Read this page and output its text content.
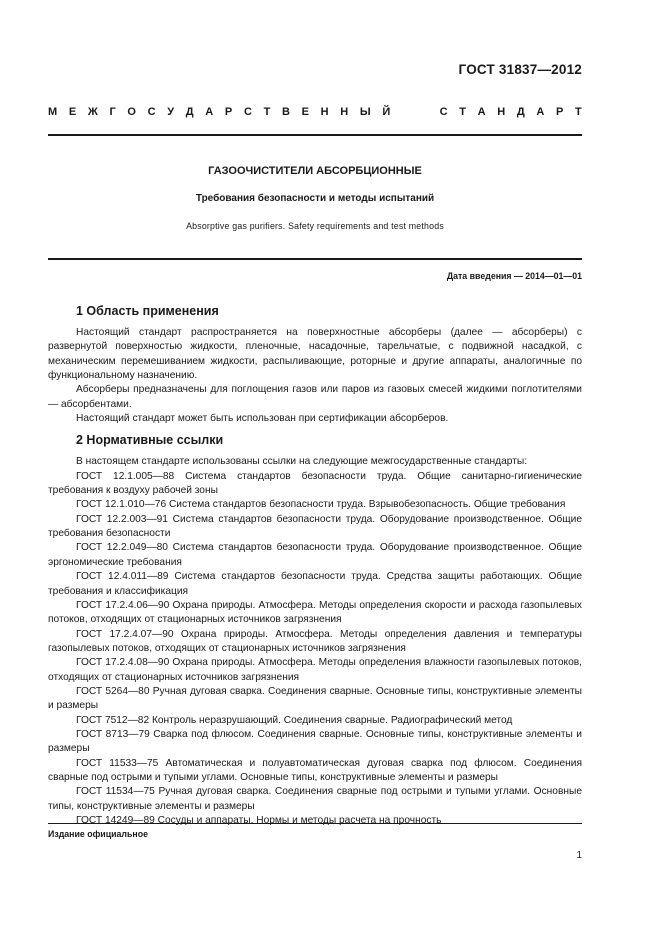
ГОСТ 31837—2012
М Е Ж Г О С У Д А Р С Т В Е Н Н Ы Й	С Т А Н Д А Р Т
ГАЗООЧИСТИТЕЛИ АБСОРБЦИОННЫЕ
Требования безопасности и методы испытаний
Absorptive gas purifiers. Safety requirements and test methods
Дата введения — 2014—01—01
1 Область применения

Настоящий стандарт распространяется на поверхностные абсорберы (далее — абсорберы) с развернутой поверхностью жидкости, пленочные, насадочные, тарельчатые, с подвижной насадкой, с механическим перемешиванием жидкости, распыливающие, роторные и другие аппараты, аналогичные по функциональному назначению.

Абсорберы предназначены для поглощения газов или паров из газовых смесей жидкими поглотителями — абсорбентами.

Настоящий стандарт может быть использован при сертификации абсорберов.

2 Нормативные ссылки

В настоящем стандарте использованы ссылки на следующие межгосударственные стандарты:

ГОСТ 12.1.005—88 Система стандартов безопасности труда. Общие санитарно-гигиенические требования к воздуху рабочей зоны

ГОСТ 12.1.010—76 Система стандартов безопасности труда. Взрывобезопасность. Общие требования

ГОСТ 12.2.003—91 Система стандартов безопасности труда. Оборудование производственное. Общие требования безопасности

ГОСТ 12.2.049—80 Система стандартов безопасности труда. Оборудование производственное. Общие эргономические требования

ГОСТ 12.4.011—89 Система стандартов безопасности труда. Средства защиты работающих. Общие требования и классификация

ГОСТ 17.2.4.06—90 Охрана природы. Атмосфера. Методы определения скорости и расхода газопылевых потоков, отходящих от стационарных источников загрязнения

ГОСТ 17.2.4.07—90 Охрана природы. Атмосфера. Методы определения давления и температуры газопылевых потоков, отходящих от стационарных источников загрязнения

ГОСТ 17.2.4.08—90 Охрана природы. Атмосфера. Методы определения влажности газопылевых потоков, отходящих от стационарных источников загрязнения

ГОСТ 5264—80 Ручная дуговая сварка. Соединения сварные. Основные типы, конструктивные элементы и размеры

ГОСТ 7512—82 Контроль неразрушающий. Соединения сварные. Радиографический метод

ГОСТ 8713—79 Сварка под флюсом. Соединения сварные. Основные типы, конструктивные элементы и размеры

ГОСТ 11533—75 Автоматическая и полуавтоматическая дуговая сварка под флюсом. Соединения сварные под острыми и тупыми углами. Основные типы, конструктивные элементы и размеры

ГОСТ 11534—75 Ручная дуговая сварка. Соединения сварные под острыми и тупыми углами. Основные типы, конструктивные элементы и размеры

ГОСТ 14249—89 Сосуды и аппараты. Нормы и методы расчета на прочность

Издание официальное
1
